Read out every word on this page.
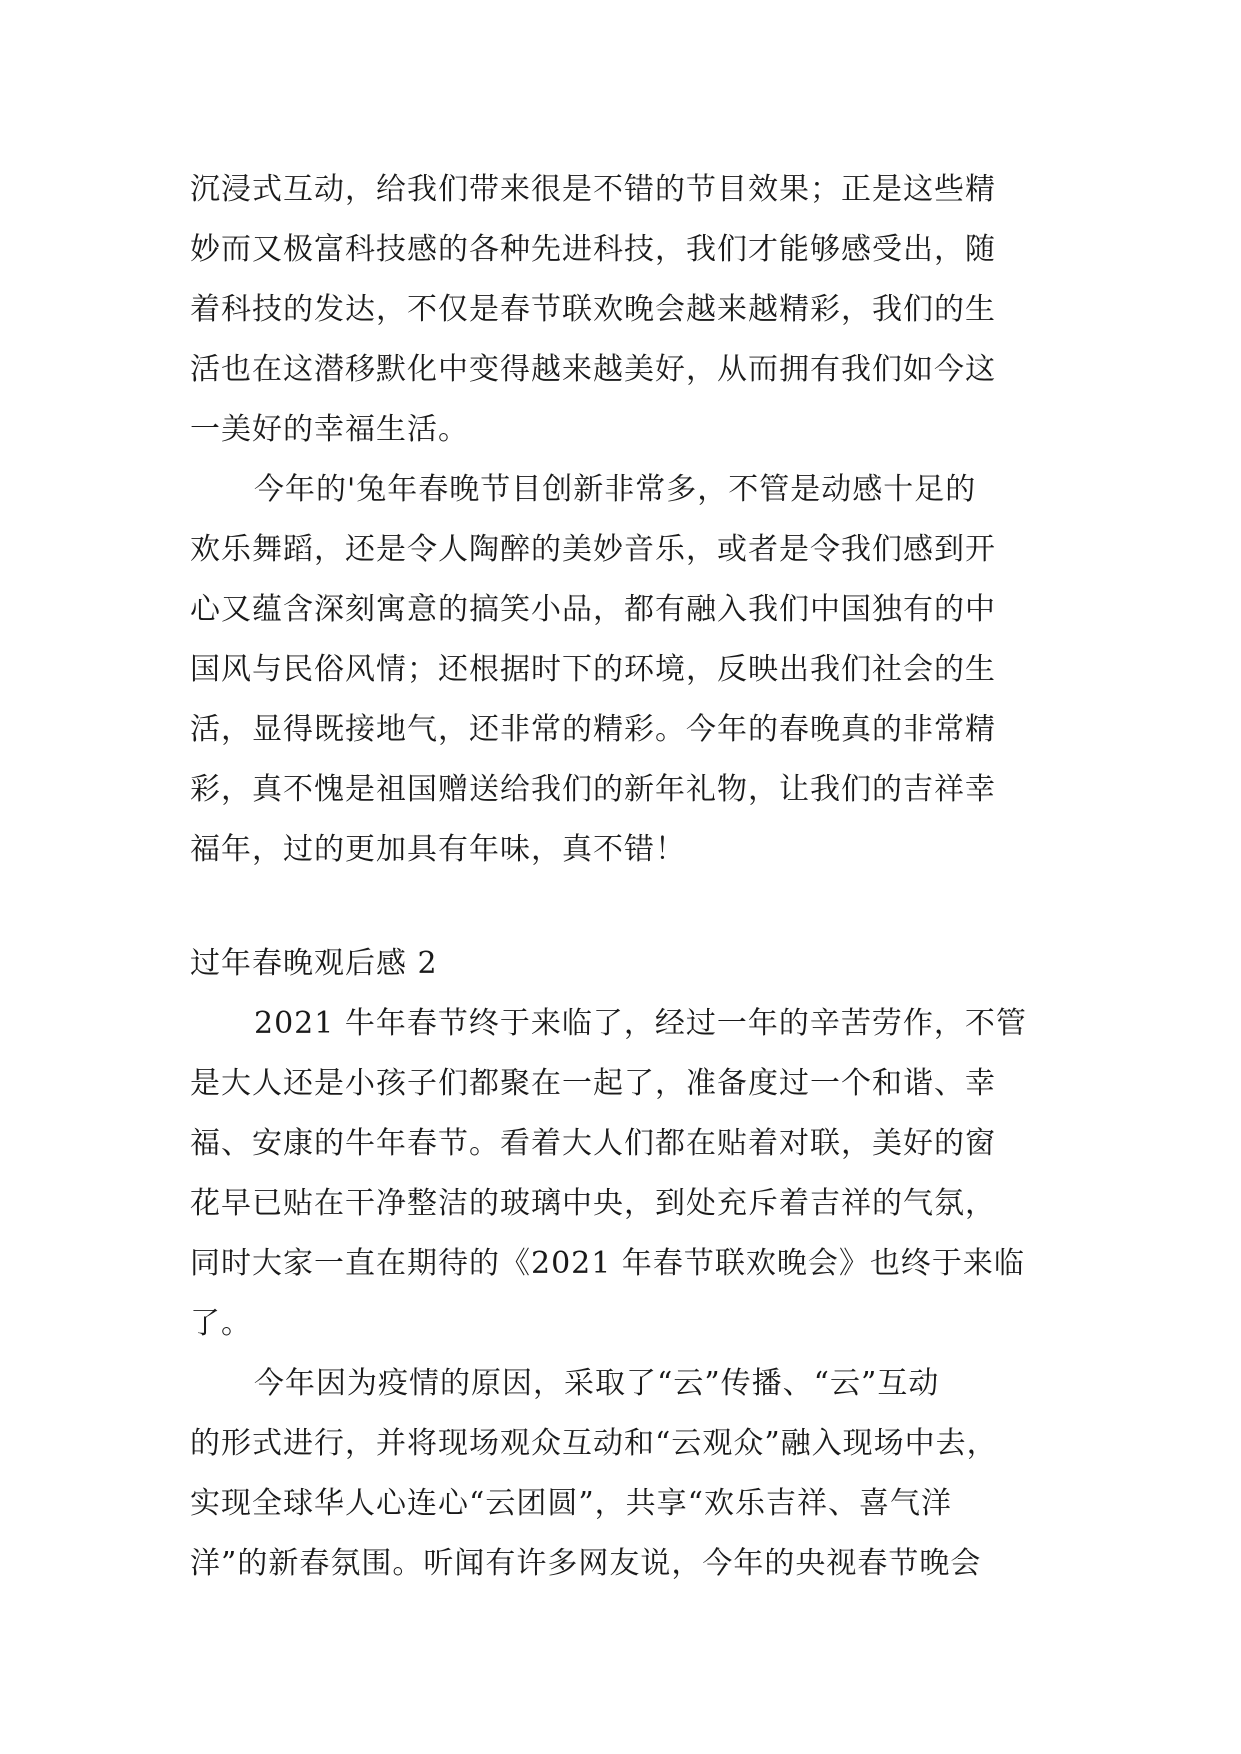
沉浸式互动，给我们带来很是不错的节目效果；正是这些精
妙而又极富科技感的各种先进科技，我们才能够感受出，随
着科技的发达，不仅是春节联欢晚会越来越精彩，我们的生
活也在这潜移默化中变得越来越美好，从而拥有我们如今这
一美好的幸福生活。
今年的'兔年春晚节目创新非常多，不管是动感十足的
欢乐舞蹈，还是令人陶醉的美妙音乐，或者是令我们感到开
心又蕴含深刻寓意的搞笑小品，都有融入我们中国独有的中
国风与民俗风情；还根据时下的环境，反映出我们社会的生
活，显得既接地气，还非常的精彩。今年的春晚真的非常精
彩，真不愧是祖国赠送给我们的新年礼物，让我们的吉祥幸
福年，过的更加具有年味，真不错！
过年春晚观后感 2
2021 牛年春节终于来临了，经过一年的辛苦劳作，不管
是大人还是小孩子们都聚在一起了，准备度过一个和谐、幸
福、安康的牛年春节。看着大人们都在贴着对联，美好的窗
花早已贴在干净整洁的玻璃中央，到处充斥着吉祥的气氛，
同时大家一直在期待的《2021 年春节联欢晚会》也终于来临
了。
今年因为疫情的原因，采取了“云”传播、“云”互动
的形式进行，并将现场观众互动和“云观众”融入现场中去，
实现全球华人心连心“云团圆”，共享“欢乐吉祥、喜气洋
洋”的新春氛围。听闻有许多网友说，今年的央视春节晚会
